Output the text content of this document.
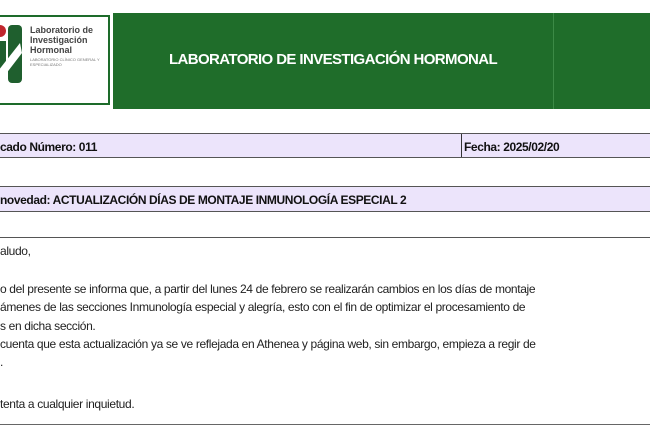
Laboratorio de
Investigación
Hormonal
LABORATORIO CLÍNICO GENERAL Y ESPECIALIZADO	LABORATORIO DE INVESTIGACIÓN HORMONAL
cado Número: 011	Fecha: 2025/02/20
novedad: ACTUALIZACIÓN DÍAS DE MONTAJE INMUNOLOGÍA ESPECIAL 2
aludo,
o del presente se informa que, a partir del lunes 24 de febrero se realizarán cambios en los días de montaje
ámenes de las secciones Inmunología especial y alegría, esto con el fin de optimizar el procesamiento de
s en dicha sección.
cuenta que esta actualización ya se ve reflejada en Athenea y página web, sin embargo, empieza a regir de
.
tenta a cualquier inquietud.
